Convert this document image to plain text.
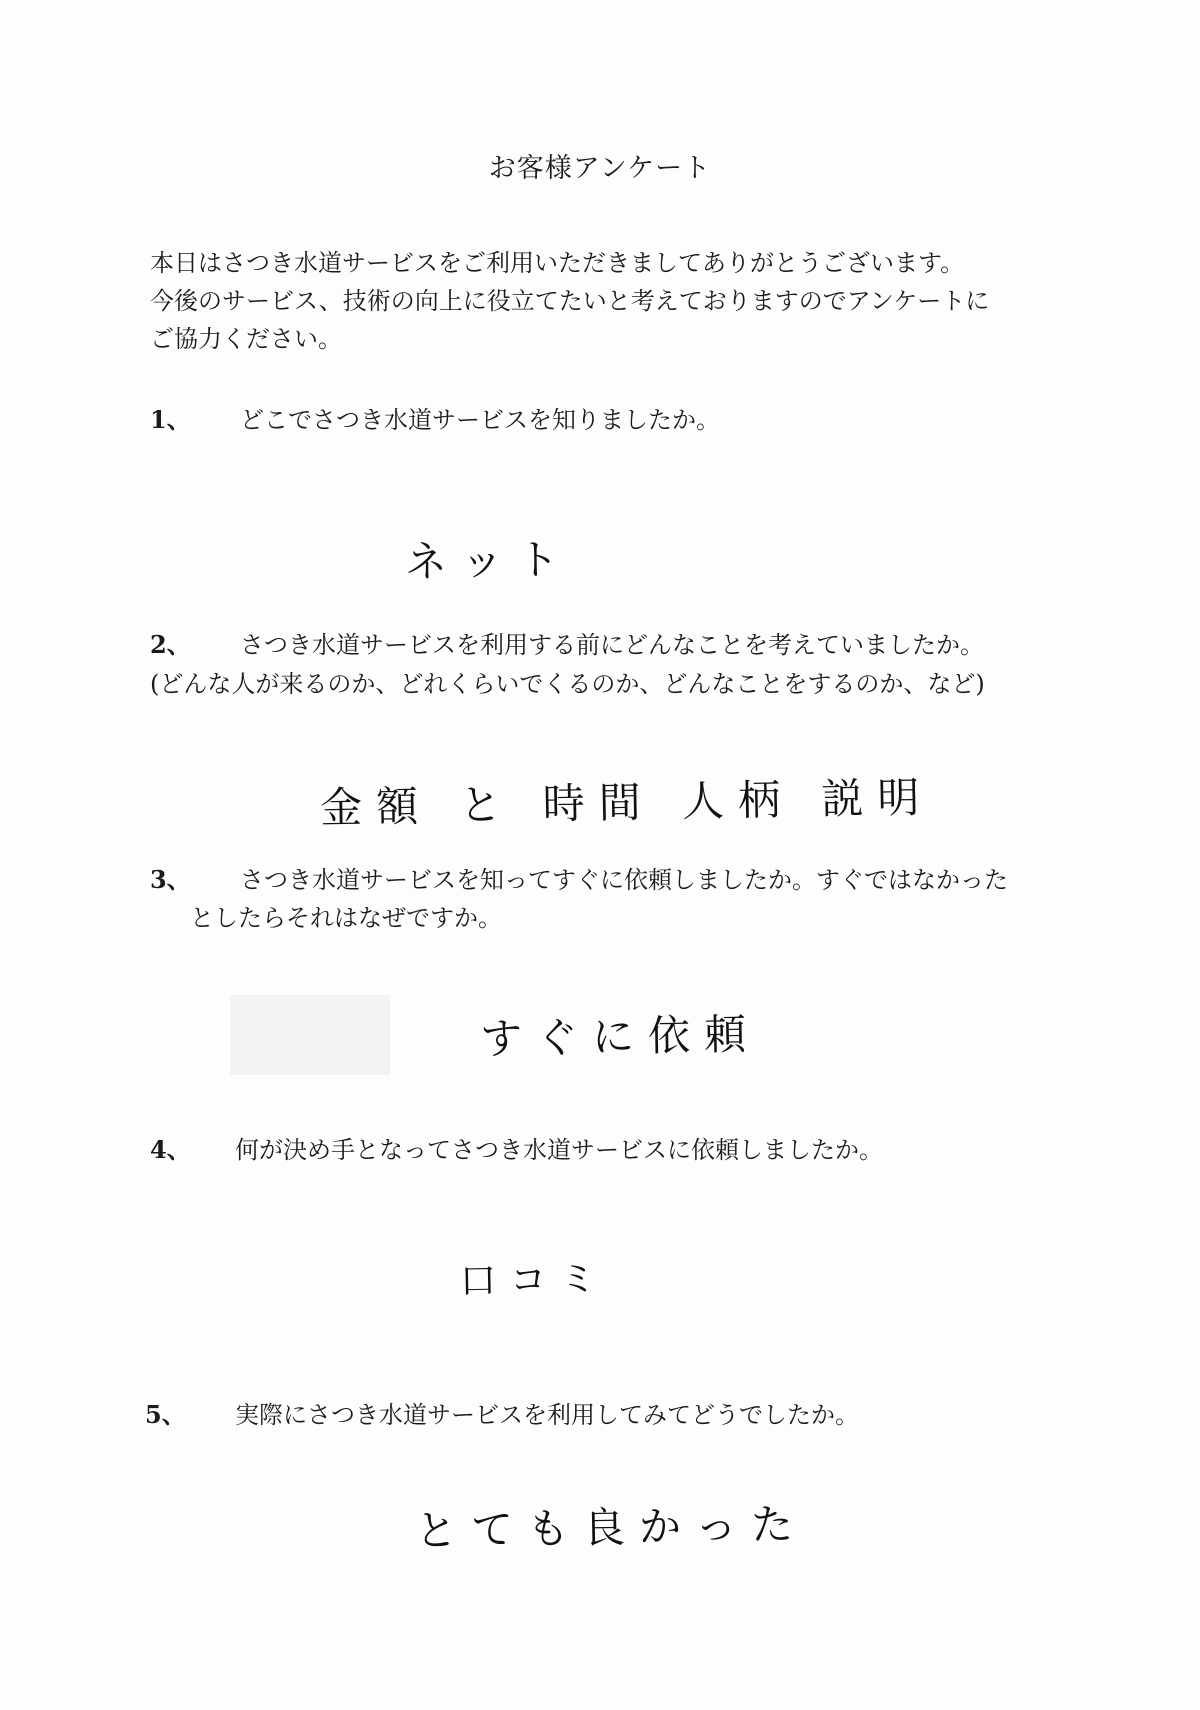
お客様アンケート
本日はさつき水道サービスをご利用いただきましてありがとうございます。
今後のサービス、技術の向上に役立てたいと考えておりますのでアンケートに
ご協力ください。
1、 どこでさつき水道サービスを知りましたか。
ネット
2、 さつき水道サービスを利用する前にどんなことを考えていましたか。
(どんな人が来るのか、どれくらいでくるのか、どんなことをするのか、など)
金額 と 時間 人柄 説明
3、 さつき水道サービスを知ってすぐに依頼しましたか。すぐではなかった
としたらそれはなぜですか。
すぐに依頼
4、 何が決め手となってさつき水道サービスに依頼しましたか。
口コミ
5、 実際にさつき水道サービスを利用してみてどうでしたか。
とても良かった
